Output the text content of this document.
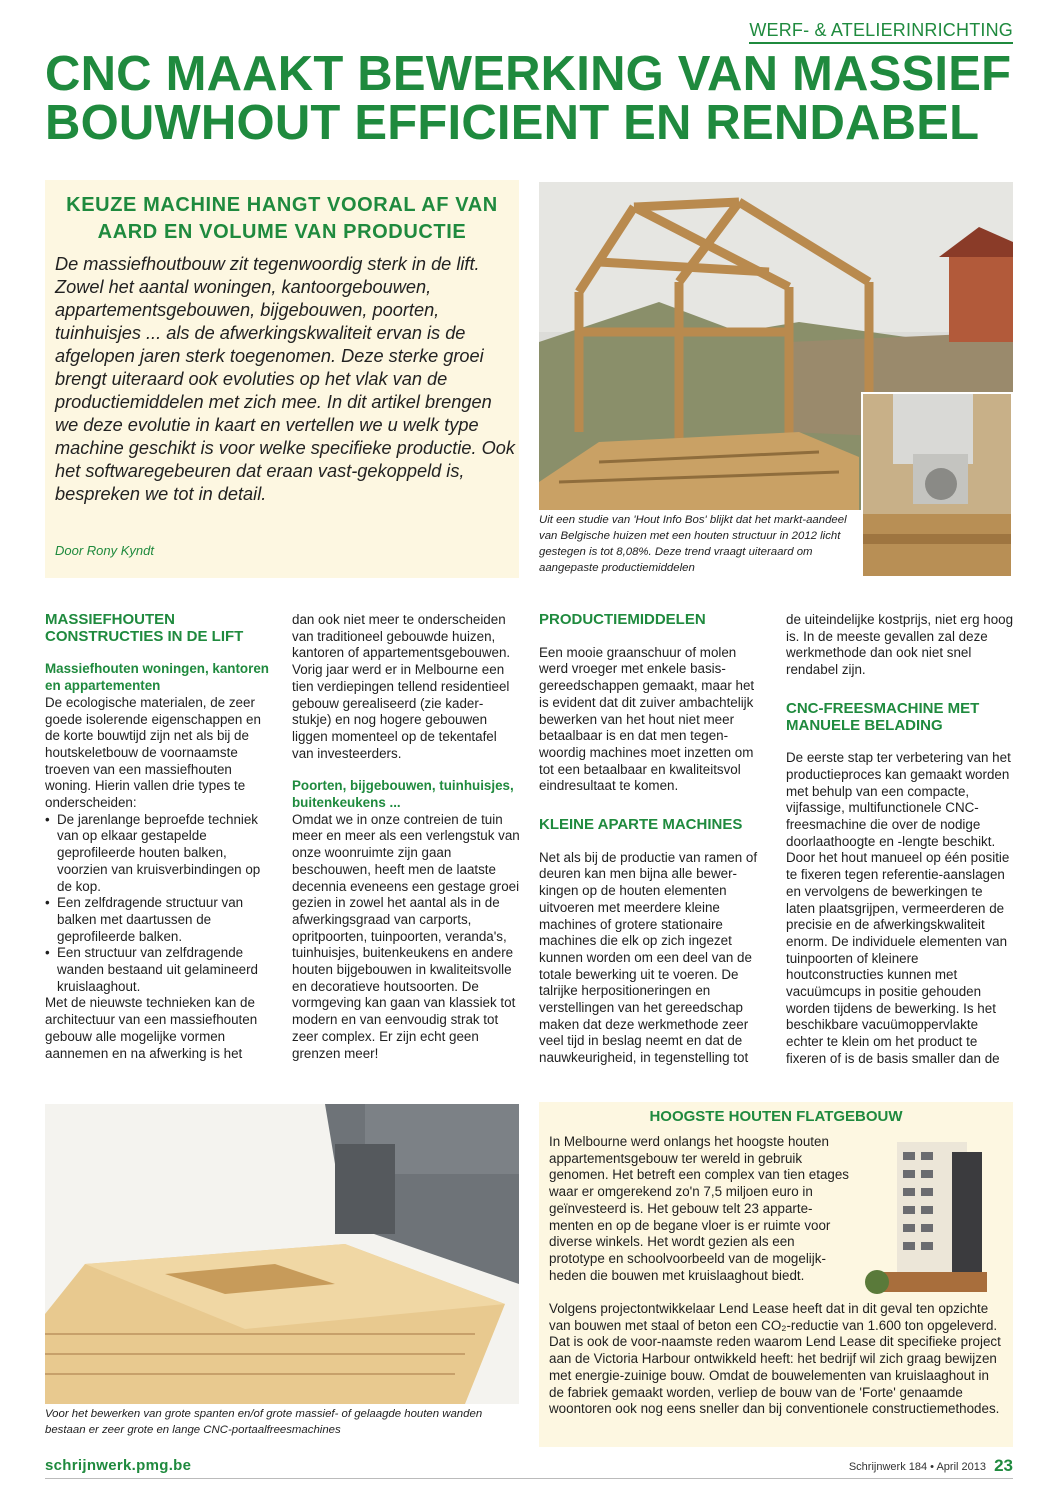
WERF- & ATELIERINRICHTING
CNC MAAKT BEWERKING VAN MASSIEF BOUWHOUT EFFICIENT EN RENDABEL
KEUZE MACHINE HANGT VOORAL AF VAN AARD EN VOLUME VAN PRODUCTIE

De massiefhoutbouw zit tegenwoordig sterk in de lift. Zowel het aantal woningen, kantoorgebouwen, appartementsgebouwen, bijgebouwen, poorten, tuinhuisjes ... als de afwerkingskwaliteit ervan is de afgelopen jaren sterk toegenomen. Deze sterke groei brengt uiteraard ook evoluties op het vlak van de productiemiddelen met zich mee. In dit artikel brengen we deze evolutie in kaart en vertellen we u welk type machine geschikt is voor welke specifieke productie. Ook het softwaregebeuren dat eraan vast-gekoppeld is, bespreken we tot in detail.

Door Rony Kyndt
Uit een studie van 'Hout Info Bos' blijkt dat het markt-aandeel van Belgische huizen met een houten structuur in 2012 licht gestegen is tot 8,08%. Deze trend vraagt uiteraard om aangepaste productiemiddelen
MASSIEFHOUTEN CONSTRUCTIES IN DE LIFT
Massiefhouten woningen, kantoren en appartementen

De ecologische materialen, de zeer goede isolerende eigenschappen en de korte bouwtijd zijn net als bij de houtskeletbouw de voornaamste troeven van een massiefhouten woning. Hierin vallen drie types te onderscheiden:

• De jarenlange beproefde techniek van op elkaar gestapelde geprofileerde houten balken, voorzien van kruisverbindingen op de kop.

• Een zelfdragende structuur van balken met daartussen de geprofileerde balken.

• Een structuur van zelfdragende wanden bestaand uit gelamineerd kruislaaghout.

Met de nieuwste technieken kan de architectuur van een massiefhouten gebouw alle mogelijke vormen aannemen en na afwerking is het

dan ook niet meer te onderscheiden van traditioneel gebouwde huizen, kantoren of appartementsgebouwen. Vorig jaar werd er in Melbourne een tien verdiepingen tellend residentieel gebouw gerealiseerd (zie kader-stukje) en nog hogere gebouwen liggen momenteel op de tekentafel van investeerders.

Poorten, bijgebouwen, tuinhuisjes, buitenkeukens ...

Omdat we in onze contreien de tuin meer en meer als een verlengstuk van onze woonruimte zijn gaan beschouwen, heeft men de laatste decennia eveneens een gestage groei gezien in zowel het aantal als in de afwerkingsgraad van carports, opritpoorten, tuinpoorten, veranda's, tuinhuisjes, buitenkeukens en andere houten bijgebouwen in kwaliteitsvolle en decoratieve houtsoorten. De vormgeving kan gaan van klassiek tot modern en van eenvoudig strak tot zeer complex. Er zijn echt geen grenzen meer!

PRODUCTIEMIDDELEN

Een mooie graanschuur of molen werd vroeger met enkele basis-gereedschappen gemaakt, maar het is evident dat dit zuiver ambachtelijk bewerken van het hout niet meer betaalbaar is en dat men tegen-woordig machines moet inzetten om tot een betaalbaar en kwaliteitsvol eindresultaat te komen.

KLEINE APARTE MACHINES

Net als bij de productie van ramen of deuren kan men bijna alle bewer-kingen op de houten elementen uitvoeren met meerdere kleine machines of grotere stationaire machines die elk op zich ingezet kunnen worden om een deel van de totale bewerking uit te voeren. De talrijke herpositioneringen en verstellingen van het gereedschap maken dat deze werkmethode zeer veel tijd in beslag neemt en dat de nauwkeurigheid, in tegenstelling tot

de uiteindelijke kostprijs, niet erg hoog is. In de meeste gevallen zal deze werkmethode dan ook niet snel rendabel zijn.

CNC-FREESMACHINE MET MANUELE BELADING

De eerste stap ter verbetering van het productieproces kan gemaakt worden met behulp van een compacte, vijfassige, multifunctionele CNC-freesmachine die over de nodige doorlaathoogte en -lengte beschikt. Door het hout manueel op één positie te fixeren tegen referentie-aanslagen en vervolgens de bewerkingen te laten plaatsgrijpen, vermeerderen de precisie en de afwerkingskwaliteit enorm. De individuele elementen van tuinpoorten of kleinere houtconstructies kunnen met vacuümcups in positie gehouden worden tijdens de bewerking. Is het beschikbare vacuümoppervlakte echter te klein om het product te fixeren of is de basis smaller dan de

Voor het bewerken van grote spanten en/of grote massief- of gelaagde houten wanden bestaan er zeer grote en lange CNC-portaalfreesmachines
HOOGSTE HOUTEN FLATGEBOUW

In Melbourne werd onlangs het hoogste houten appartementsgebouw ter wereld in gebruik genomen. Het betreft een complex van tien etages waar er omgerekend zo'n 7,5 miljoen euro in geïnvesteerd is. Het gebouw telt 23 apparte-menten en op de begane vloer is er ruimte voor diverse winkels. Het wordt gezien als een prototype en schoolvoorbeeld van de mogelijk-heden die bouwen met kruislaaghout biedt.

Volgens projectontwikkelaar Lend Lease heeft dat in dit geval ten opzichte van bouwen met staal of beton een CO₂-reductie van 1.600 ton opgeleverd. Dat is ook de voor-naamste reden waarom Lend Lease dit specifieke project aan de Victoria Harbour ontwikkeld heeft: het bedrijf wil zich graag bewijzen met energie-zuinige bouw. Omdat de bouwelementen van kruislaaghout in de fabriek gemaakt worden, verliep de bouw van de 'Forte' genaamde woontoren ook nog eens sneller dan bij conventionele constructiemethodes.

schrijnwerk.pmg.be	Schrijnwerk 184 • April 2013 23
